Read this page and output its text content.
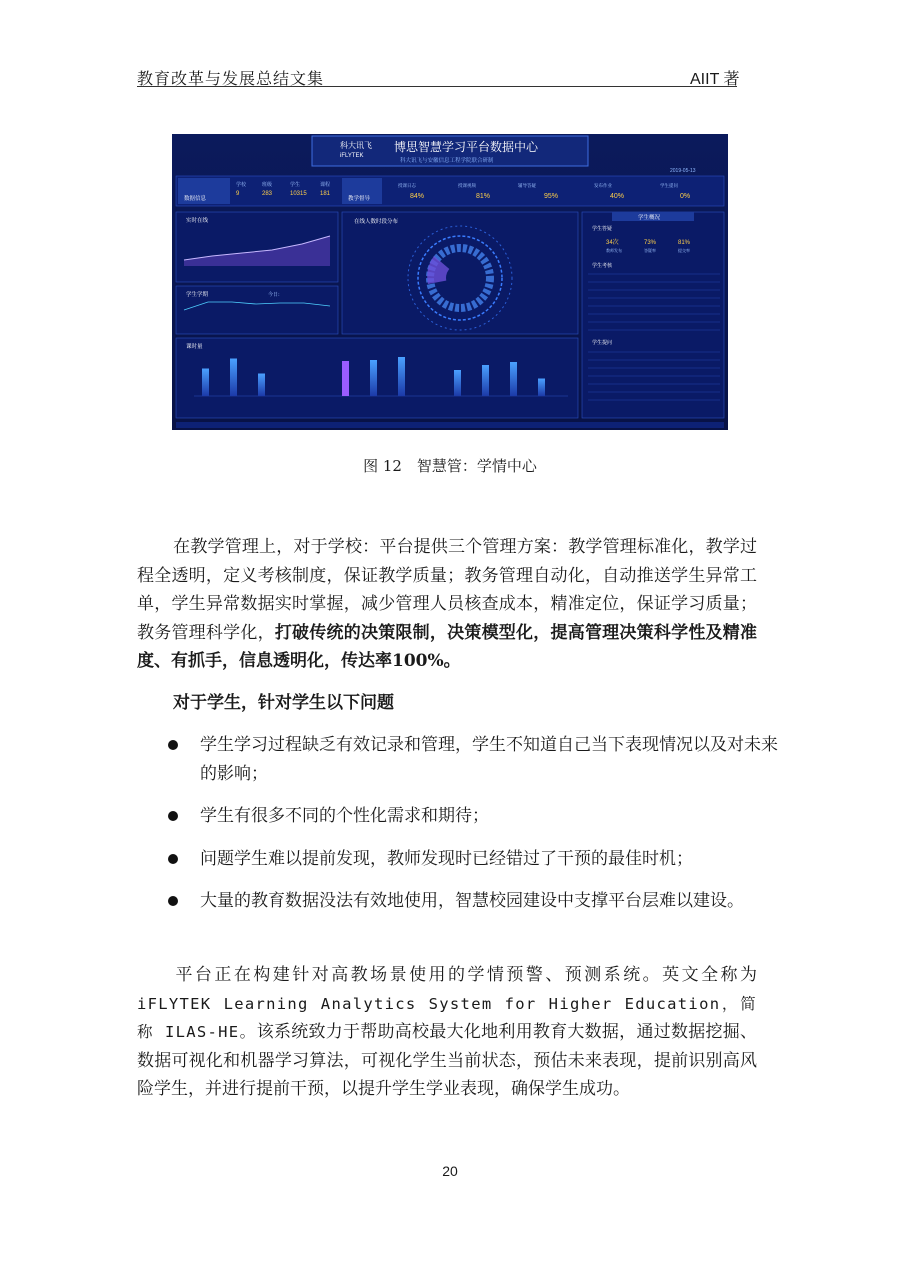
教育改革与发展总结文集	AIIT 著
科大讯飞
iFLYTEK
博思智慧学习平台数据中心
科大讯飞与安徽信息工程学院联合研制
2019-05-13
数据信息
学校	班级	学生	课程
9	283	10315 181
教学督导
授课日志	授课视频	辅导答疑	发布作业	学生提问
84%	81%	95%	40%	0%
实时在线
学生学期	今日:
在线人数时段分布
学生概况
学生答疑
34次	73%	81%
教师发布	答疑率	提交率
学生考核
学生提问
课时量
图 12　智慧管：学情中心
在教学管理上，对于学校：平台提供三个管理方案：教学管理标准化，教学过程全透明，定义考核制度，保证教学质量；教务管理自动化，自动推送学生异常工单，学生异常数据实时掌握，减少管理人员核查成本，精准定位，保证学习质量；教务管理科学化，打破传统的决策限制，决策模型化，提高管理决策科学性及精准度、有抓手，信息透明化，传达率100%。
对于学生，针对学生以下问题
学生学习过程缺乏有效记录和管理，学生不知道自己当下表现情况以及对未来的影响；
学生有很多不同的个性化需求和期待；
问题学生难以提前发现，教师发现时已经错过了干预的最佳时机；
大量的教育数据没法有效地使用，智慧校园建设中支撑平台层难以建设。
平台正在构建针对高教场景使用的学情预警、预测系统。英文全称为iFLYTEK Learning Analytics System for Higher Education，简称 ILAS-HE。该系统致力于帮助高校最大化地利用教育大数据，通过数据挖掘、数据可视化和机器学习算法，可视化学生当前状态，预估未来表现，提前识别高风险学生，并进行提前干预，以提升学生学业表现，确保学生成功。
20
